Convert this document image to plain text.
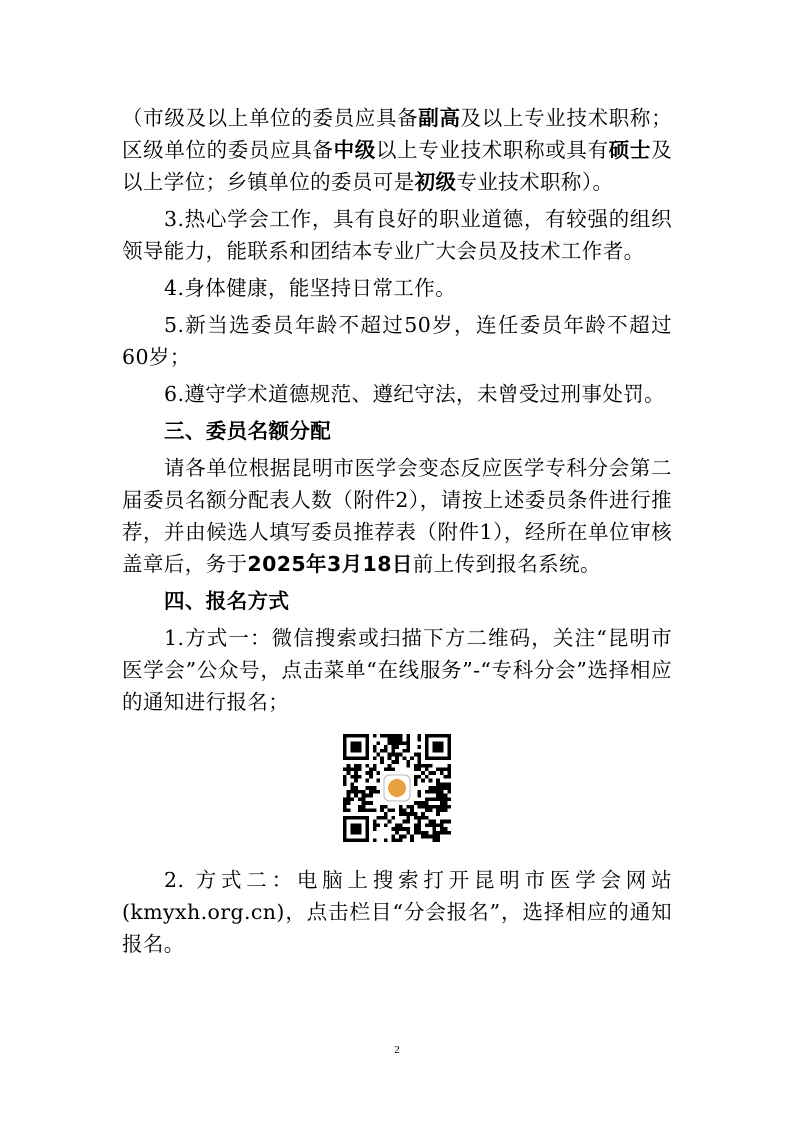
（市级及以上单位的委员应具备副高及以上专业技术职称；区级单位的委员应具备中级以上专业技术职称或具有硕士及以上学位；乡镇单位的委员可是初级专业技术职称）。

3.热心学会工作，具有良好的职业道德，有较强的组织领导能力，能联系和团结本专业广大会员及技术工作者。

4.身体健康，能坚持日常工作。

5.新当选委员年龄不超过50岁，连任委员年龄不超过60岁；

6.遵守学术道德规范、遵纪守法，未曾受过刑事处罚。

三、委员名额分配

请各单位根据昆明市医学会变态反应医学专科分会第二届委员名额分配表人数（附件2），请按上述委员条件进行推荐，并由候选人填写委员推荐表（附件1），经所在单位审核盖章后，务于2025年3月18日前上传到报名系统。

四、报名方式

1.方式一：微信搜索或扫描下方二维码，关注“昆明市医学会”公众号，点击菜单“在线服务”-“专科分会”选择相应的通知进行报名；

2. 方式二：电脑上搜索打开昆明市医学会网站(kmyxh.org.cn)，点击栏目“分会报名”，选择相应的通知报名。

2
